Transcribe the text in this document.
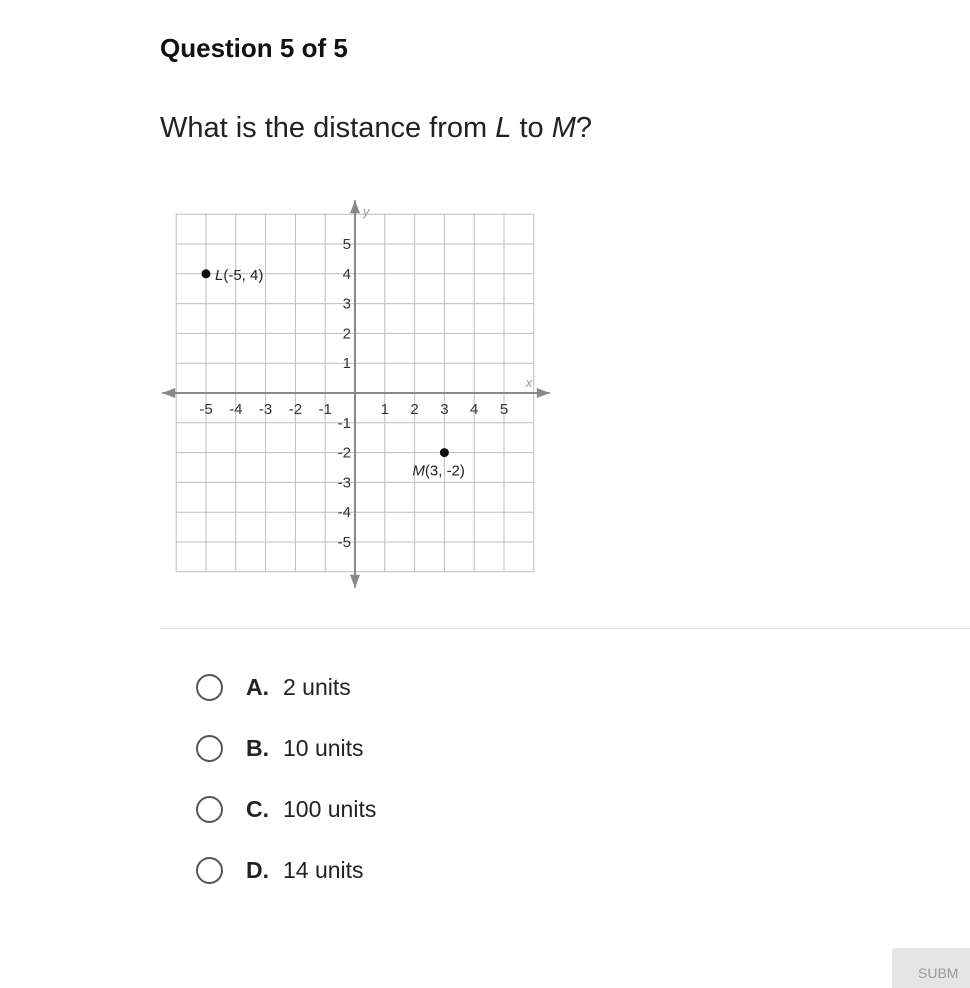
Question 5 of 5
What is the distance from L to M?
x
y
-5 -4 -3 -2 -1	1 2 3 4 5
5
4
3
2
1
-1
-2
-3
-4
-5
L(-5, 4)
M(3, -2)
A. 2 units
B. 10 units
C. 100 units
D. 14 units
SUBM
